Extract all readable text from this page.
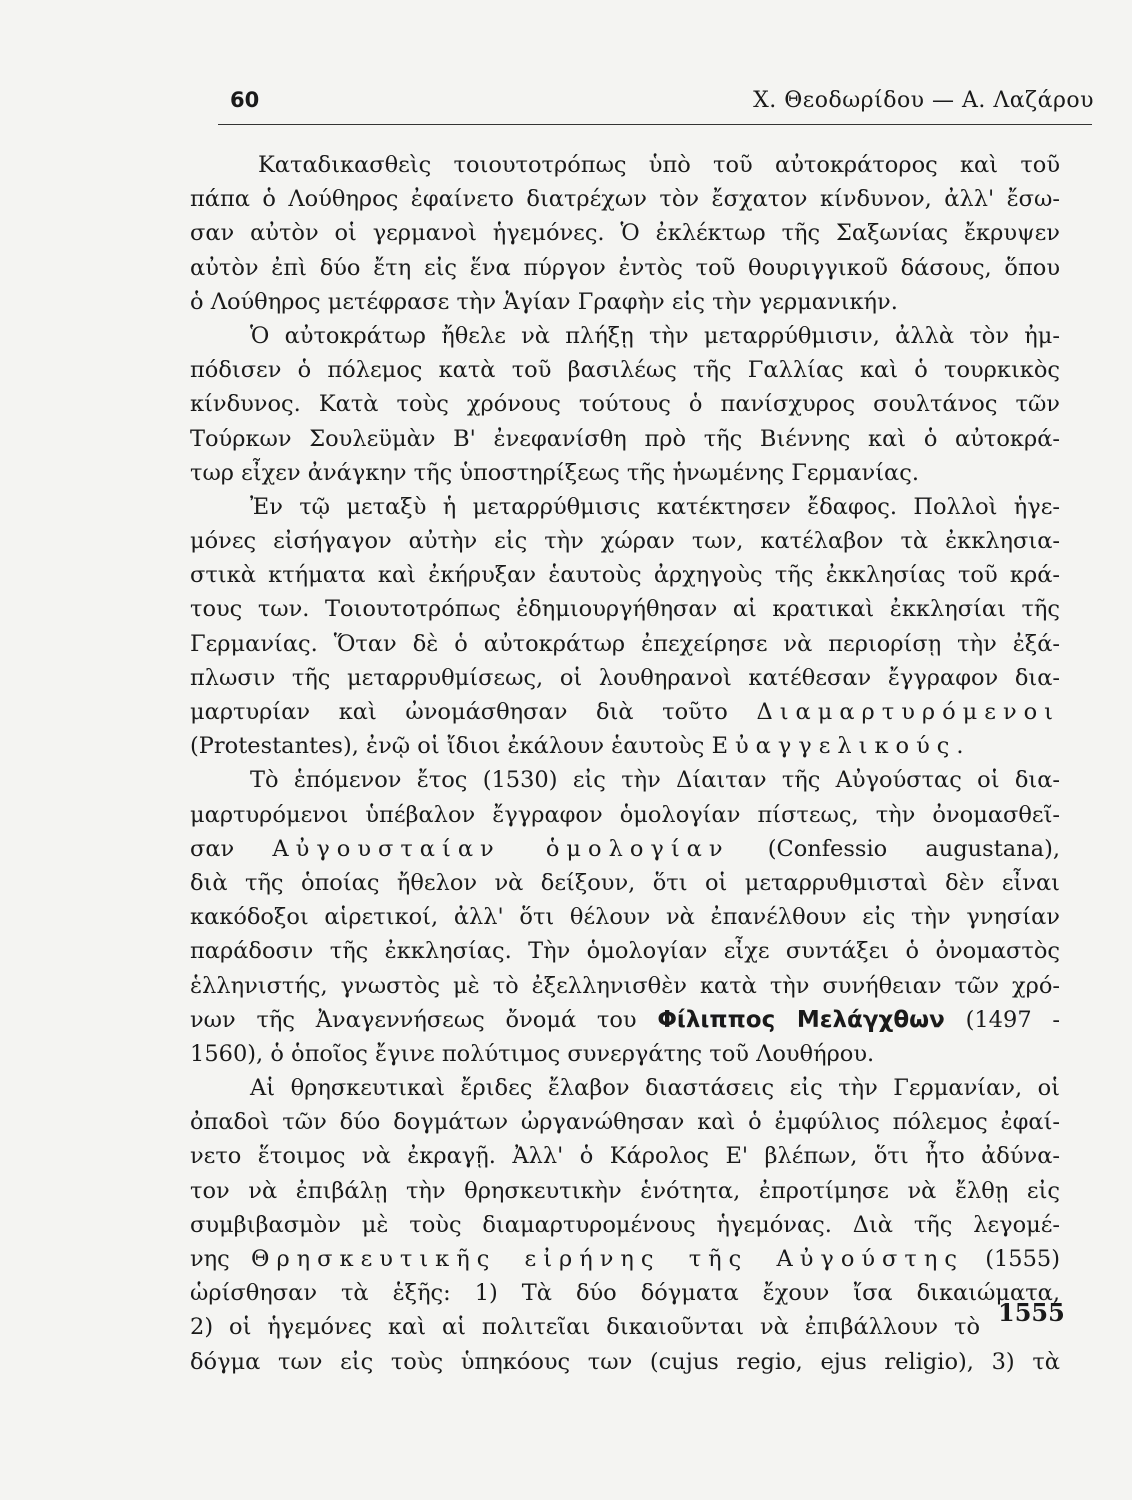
60	Χ. Θεοδωρίδου — Α. Λαζάρου
Καταδικασθεὶς τοιουτοτρόπως ὑπὸ τοῦ αὐτοκράτορος καὶ τοῦ
πάπα ὁ Λούθηρος ἐφαίνετο διατρέχων τὸν ἔσχατον κίνδυνον, ἀλλ' ἔσω-
σαν αὐτὸν οἱ γερμανοὶ ἡγεμόνες. Ὁ ἐκλέκτωρ τῆς Σαξωνίας ἔκρυψεν
αὐτὸν ἐπὶ δύο ἔτη εἰς ἕνα πύργον ἐντὸς τοῦ θουριγγικοῦ δάσους, ὅπου
ὁ Λούθηρος μετέφρασε τὴν Ἁγίαν Γραφὴν εἰς τὴν γερμανικήν.
Ὁ αὐτοκράτωρ ἤθελε νὰ πλήξῃ τὴν μεταρρύθμισιν, ἀλλὰ τὸν ἠμ-
πόδισεν ὁ πόλεμος κατὰ τοῦ βασιλέως τῆς Γαλλίας καὶ ὁ τουρκικὸς
κίνδυνος. Κατὰ τοὺς χρόνους τούτους ὁ πανίσχυρος σουλτάνος τῶν
Τούρκων Σουλεϋμὰν Β' ἐνεφανίσθη πρὸ τῆς Βιέννης καὶ ὁ αὐτοκρά-
τωρ εἶχεν ἀνάγκην τῆς ὑποστηρίξεως τῆς ἡνωμένης Γερμανίας.
Ἐν τῷ μεταξὺ ἡ μεταρρύθμισις κατέκτησεν ἔδαφος. Πολλοὶ ἡγε-
μόνες εἰσήγαγον αὐτὴν εἰς τὴν χώραν των, κατέλαβον τὰ ἐκκλησια-
στικὰ κτήματα καὶ ἐκήρυξαν ἑαυτοὺς ἀρχηγοὺς τῆς ἐκκλησίας τοῦ κρά-
τους των. Τοιουτοτρόπως ἐδημιουργήθησαν αἱ κρατικαὶ ἐκκλησίαι τῆς
Γερμανίας. Ὅταν δὲ ὁ αὐτοκράτωρ ἐπεχείρησε νὰ περιορίσῃ τὴν ἐξά-
πλωσιν τῆς μεταρρυθμίσεως, οἱ λουθηρανοὶ κατέθεσαν ἔγγραφον δια-
μαρτυρίαν καὶ ὠνομάσθησαν διὰ τοῦτο Διαμαρτυρόμενοι
(Protestantes), ἐνῷ οἱ ἴδιοι ἐκάλουν ἑαυτοὺς Εὐαγγελικούς.
Τὸ ἑπόμενον ἔτος (1530) εἰς τὴν Δίαιταν τῆς Αὐγούστας οἱ δια-
μαρτυρόμενοι ὑπέβαλον ἔγγραφον ὁμολογίαν πίστεως, τὴν ὀνομασθεῖ-
σαν Αὐγουσταίαν ὁμολογίαν (Confessio augustana),
διὰ τῆς ὁποίας ἤθελον νὰ δείξουν, ὅτι οἱ μεταρρυθμισταὶ δὲν εἶναι
κακόδοξοι αἱρετικοί, ἀλλ' ὅτι θέλουν νὰ ἐπανέλθουν εἰς τὴν γνησίαν
παράδοσιν τῆς ἐκκλησίας. Τὴν ὁμολογίαν εἶχε συντάξει ὁ ὀνομαστὸς
ἑλληνιστής, γνωστὸς μὲ τὸ ἐξελληνισθὲν κατὰ τὴν συνήθειαν τῶν χρό-
νων τῆς Ἀναγεννήσεως ὄνομά του Φίλιππος Μελάγχθων (1497 -
1560), ὁ ὁποῖος ἔγινε πολύτιμος συνεργάτης τοῦ Λουθήρου.
Αἱ θρησκευτικαὶ ἔριδες ἔλαβον διαστάσεις εἰς τὴν Γερμανίαν, οἱ
ὀπαδοὶ τῶν δύο δογμάτων ὠργανώθησαν καὶ ὁ ἐμφύλιος πόλεμος ἐφαί-
νετο ἕτοιμος νὰ ἐκραγῇ. Ἀλλ' ὁ Κάρολος Ε' βλέπων, ὅτι ἦτο ἀδύνα-
τον νὰ ἐπιβάλῃ τὴν θρησκευτικὴν ἑνότητα, ἐπροτίμησε νὰ ἔλθῃ εἰς
συμβιβασμὸν μὲ τοὺς διαμαρτυρομένους ἡγεμόνας. Διὰ τῆς λεγομέ-
νης Θρησκευτικῆς εἰρήνης τῆς Αὐγούστης (1555)
ὡρίσθησαν τὰ ἑξῆς: 1) Τὰ δύο δόγματα ἔχουν ἴσα δικαιώματα,
2) οἱ ἡγεμόνες καὶ αἱ πολιτεῖαι δικαιοῦνται νὰ ἐπιβάλλουν τὸ
δόγμα των εἰς τοὺς ὑπηκόους των (cujus regio, ejus religio), 3) τὰ
1555
